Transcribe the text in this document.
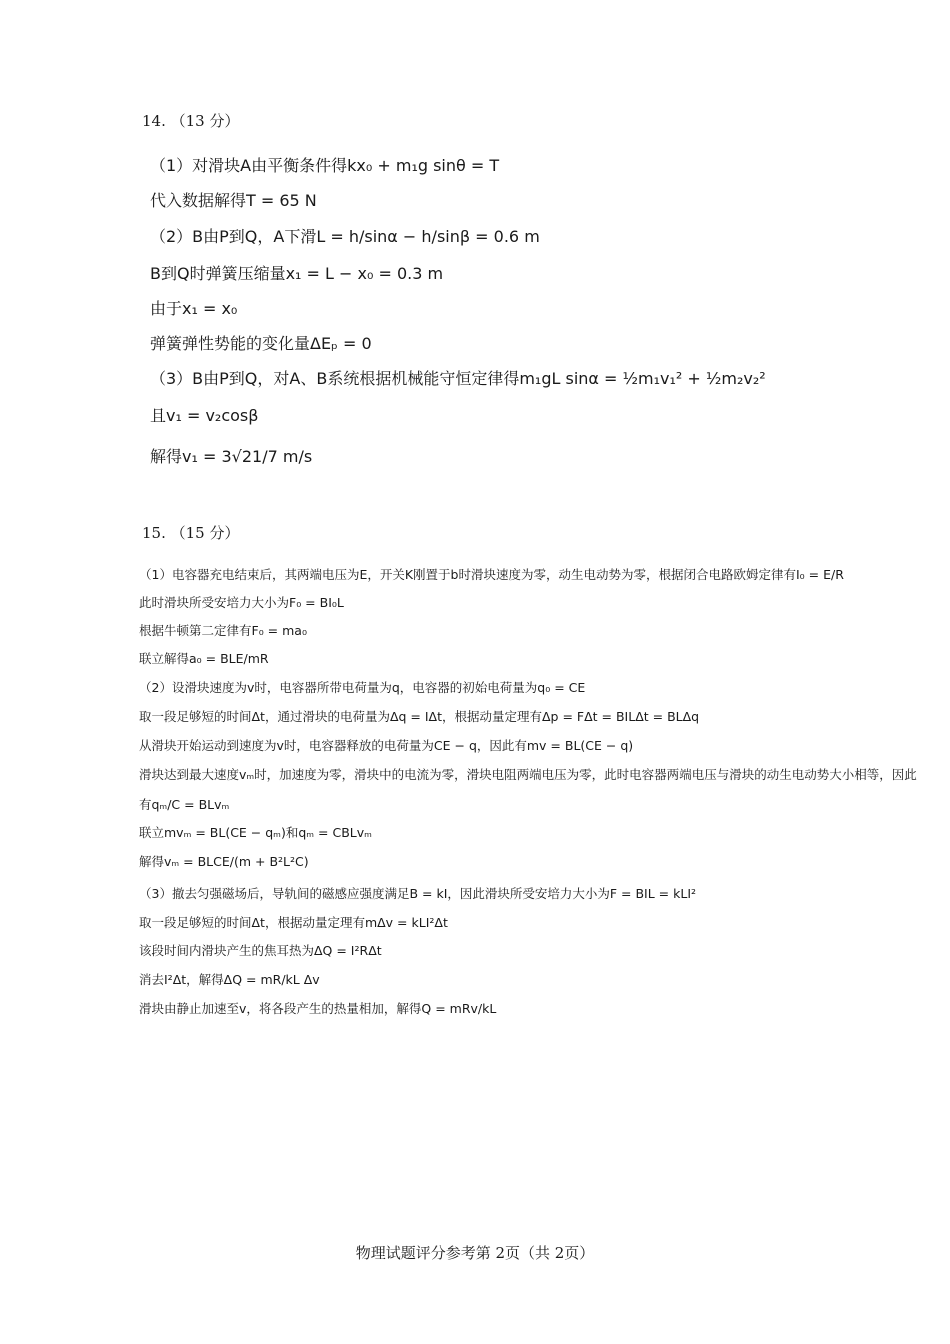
14. （13 分）
（1）对滑块A由平衡条件得kx₀ + m₁g sinθ = T
代入数据解得T = 65 N
（2）B由P到Q，A下滑L = h/sinα − h/sinβ = 0.6 m
B到Q时弹簧压缩量x₁ = L − x₀ = 0.3 m
由于x₁ = x₀
弹簧弹性势能的变化量ΔEₚ = 0
（3）B由P到Q，对A、B系统根据机械能守恒定律得m₁gL sinα = ½m₁v₁² + ½m₂v₂²
且v₁ = v₂cosβ
解得v₁ = 3√21/7 m/s
15. （15 分）
（1）电容器充电结束后，其两端电压为E，开关K刚置于b时滑块速度为零，动生电动势为零，根据闭合电路欧姆定律有I₀ = E/R
此时滑块所受安培力大小为F₀ = BI₀L
根据牛顿第二定律有F₀ = ma₀
联立解得a₀ = BLE/mR
（2）设滑块速度为v时，电容器所带电荷量为q，电容器的初始电荷量为q₀ = CE
取一段足够短的时间Δt，通过滑块的电荷量为Δq = IΔt，根据动量定理有Δp = FΔt = BILΔt = BLΔq
从滑块开始运动到速度为v时，电容器释放的电荷量为CE − q，因此有mv = BL(CE − q)
滑块达到最大速度vₘ时，加速度为零，滑块中的电流为零，滑块电阻两端电压为零，此时电容器两端电压与滑块的动生电动势大小相等，因此
有qₘ/C = BLvₘ
联立mvₘ = BL(CE − qₘ)和qₘ = CBLvₘ
解得vₘ = BLCE/(m + B²L²C)
（3）撤去匀强磁场后，导轨间的磁感应强度满足B = kI，因此滑块所受安培力大小为F = BIL = kLI²
取一段足够短的时间Δt，根据动量定理有mΔv = kLI²Δt
该段时间内滑块产生的焦耳热为ΔQ = I²RΔt
消去I²Δt，解得ΔQ = mR/kL Δv
滑块由静止加速至v，将各段产生的热量相加，解得Q = mRv/kL
物理试题评分参考第 2页（共 2页）
